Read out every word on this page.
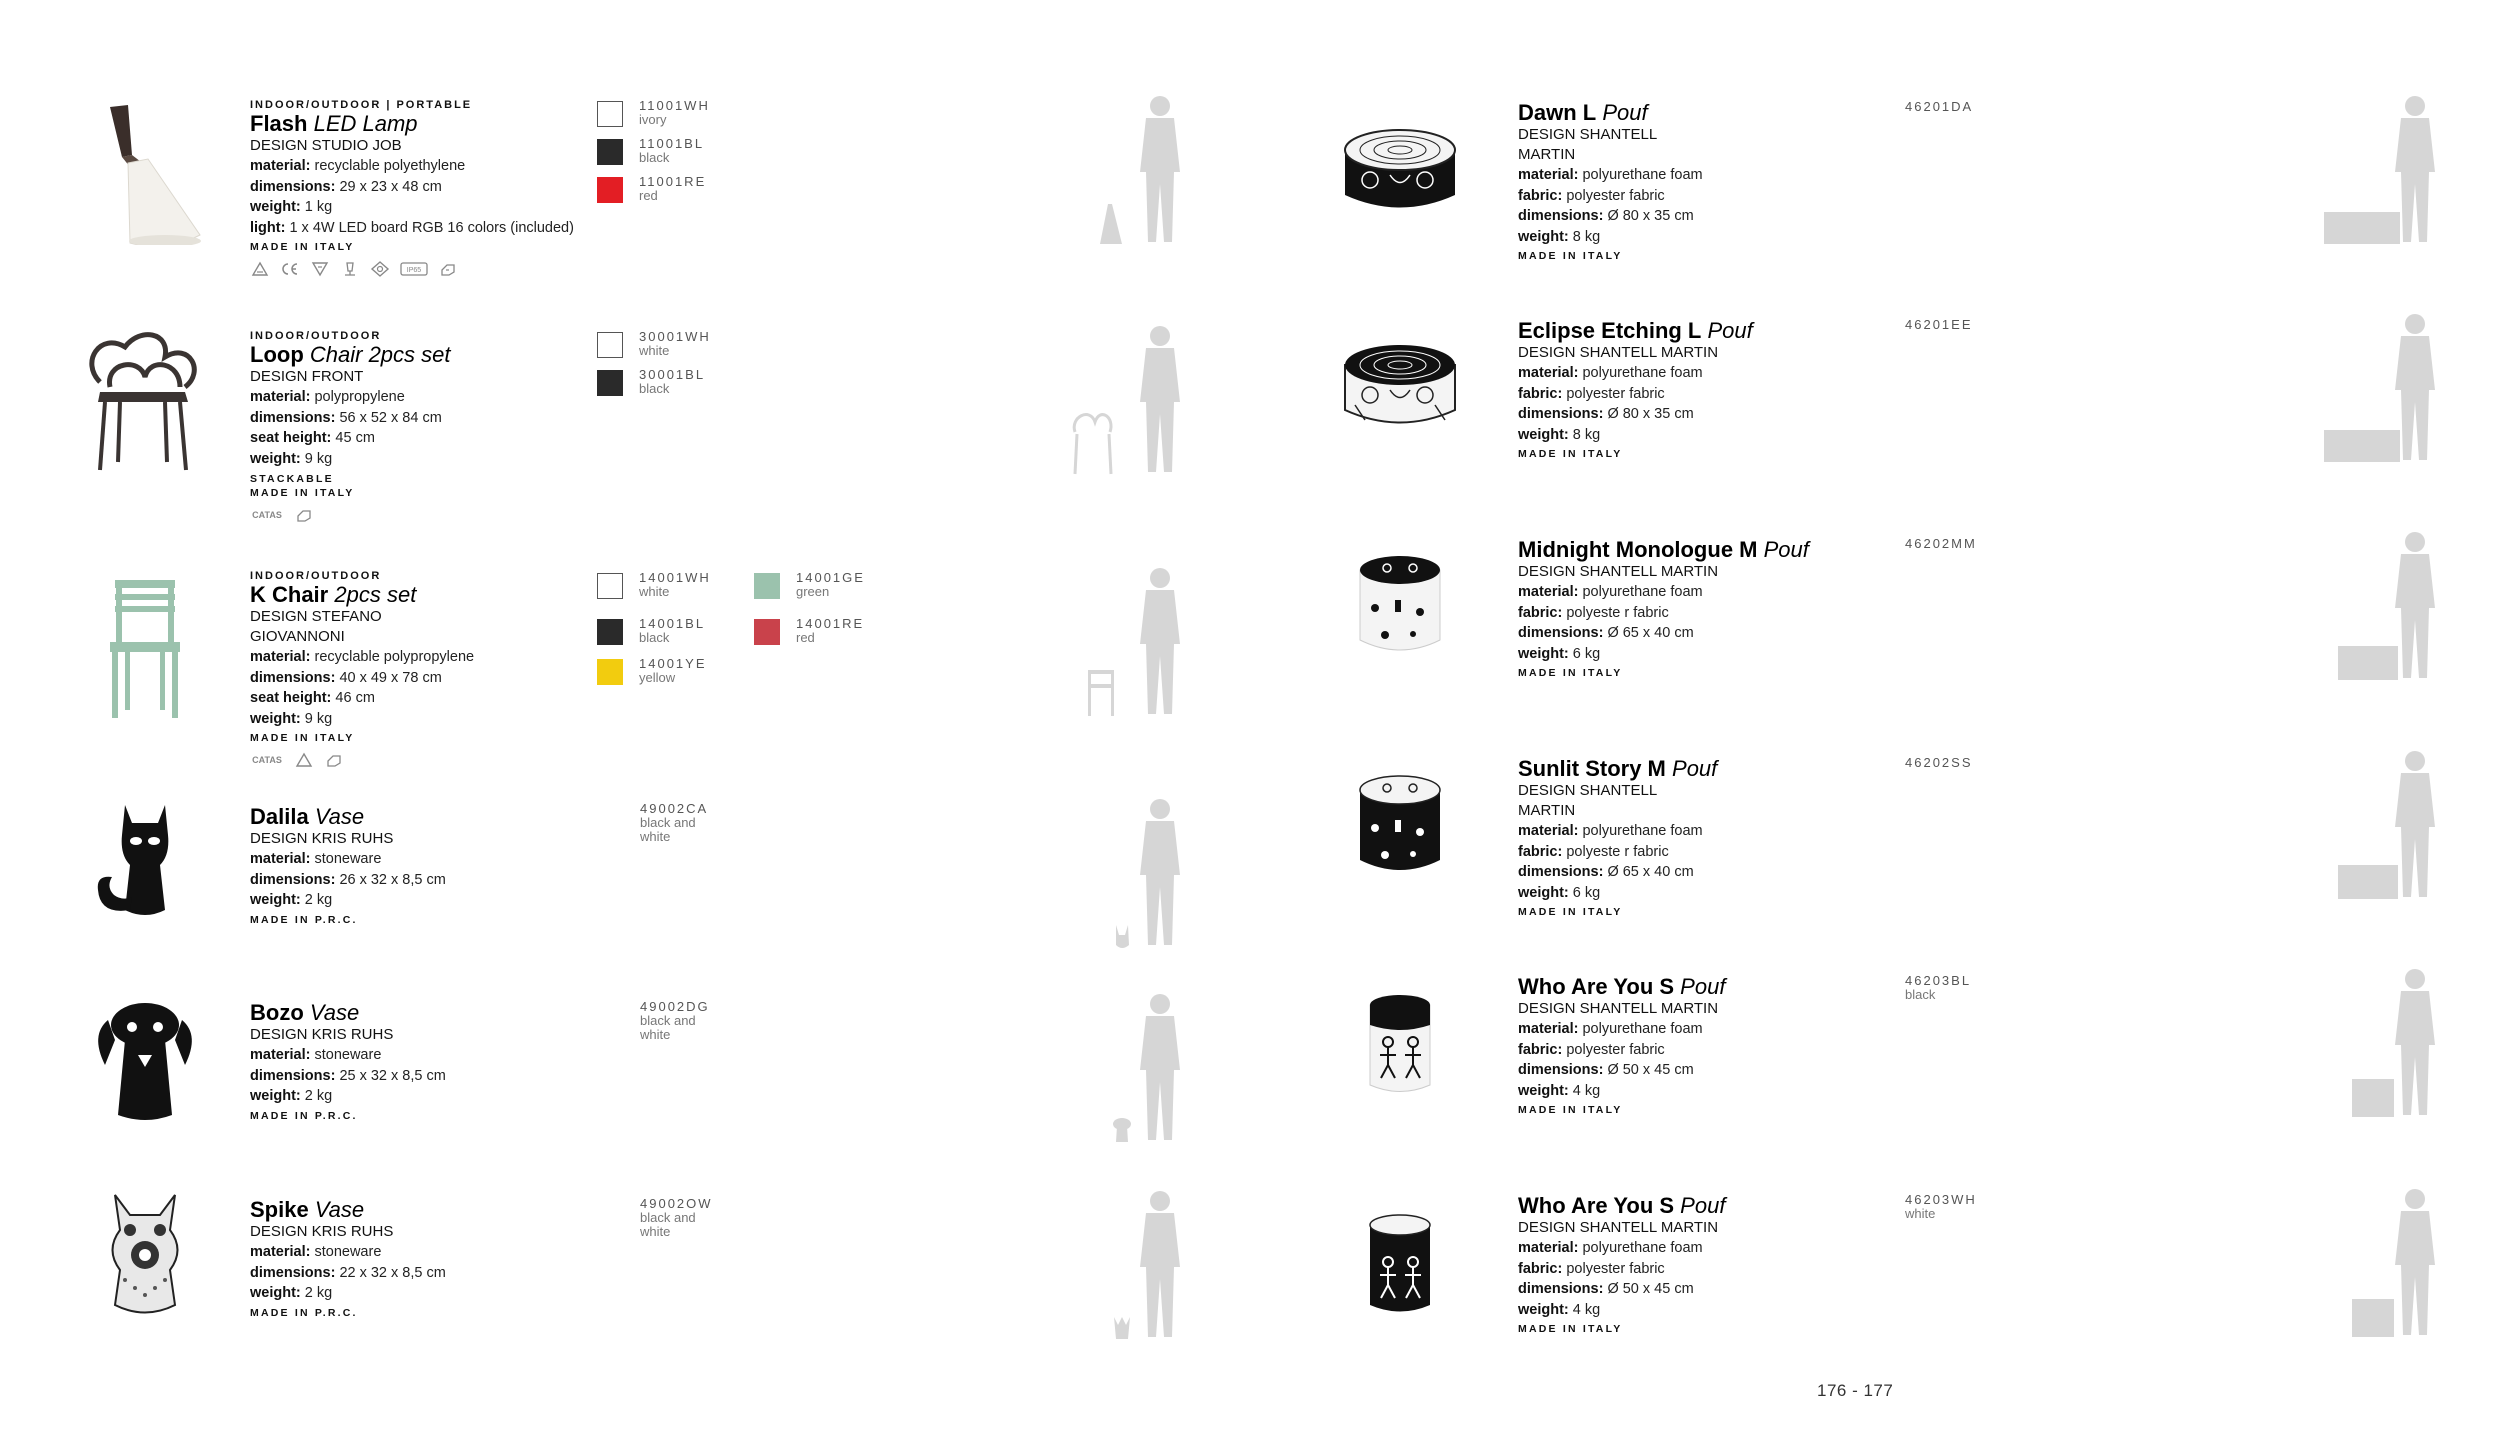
INDOOR/OUTDOOR | PORTABLE
Flash LED Lamp
DESIGN STUDIO JOB
material: recyclable polyethylene
dimensions: 29 x 23 x 48 cm
weight: 1 kg
light: 1 x 4W LED board RGB 16 colors (included)
MADE IN ITALY
IP65
11001WH
ivory
11001BL
black
11001RE
red
INDOOR/OUTDOOR
Loop Chair 2pcs set
DESIGN FRONT
material: polypropylene
dimensions: 56 x 52 x 84 cm
seat height: 45 cm
weight: 9 kg
STACKABLE
MADE IN ITALY
CATAS
30001WH
white
30001BL
black
INDOOR/OUTDOOR
K Chair 2pcs set
DESIGN STEFANO GIOVANNONI
material: recyclable polypropylene
dimensions: 40 x 49 x 78 cm
seat height: 46 cm
weight: 9 kg
MADE IN ITALY
CATAS
14001WH
white
14001BL
black
14001YE
yellow
14001GE
green
14001RE
red
Dalila Vase
DESIGN KRIS RUHS
material: stoneware
dimensions: 26 x 32 x 8,5 cm
weight: 2 kg
MADE IN P.R.C.
49002CA
black and white
Bozo Vase
DESIGN KRIS RUHS
material: stoneware
dimensions: 25 x 32 x 8,5 cm
weight: 2 kg
MADE IN P.R.C.
49002DG
black and white
Spike Vase
DESIGN KRIS RUHS
material: stoneware
dimensions: 22 x 32 x 8,5 cm
weight: 2 kg
MADE IN P.R.C.
49002OW
black and white
Dawn L Pouf
DESIGN SHANTELL MARTIN
material: polyurethane foam
fabric: polyester fabric
dimensions: Ø 80 x 35 cm
weight: 8 kg
MADE IN ITALY
46201DA
Eclipse Etching L Pouf
DESIGN SHANTELL MARTIN
material: polyurethane foam
fabric: polyester fabric
dimensions: Ø 80 x 35 cm
weight: 8 kg
MADE IN ITALY
46201EE
Midnight Monologue M Pouf
DESIGN SHANTELL MARTIN
material: polyurethane foam
fabric: polyeste r fabric
dimensions: Ø 65 x 40 cm
weight: 6 kg
MADE IN ITALY
46202MM
Sunlit Story M Pouf
DESIGN SHANTELL MARTIN
material: polyurethane foam
fabric: polyeste r fabric
dimensions: Ø 65 x 40 cm
weight: 6 kg
MADE IN ITALY
46202SS
Who Are You S Pouf
DESIGN SHANTELL MARTIN
material: polyurethane foam
fabric: polyester fabric
dimensions: Ø 50 x 45 cm
weight: 4 kg
MADE IN ITALY
46203BL
black
Who Are You S Pouf
DESIGN SHANTELL MARTIN
material: polyurethane foam
fabric: polyester fabric
dimensions: Ø 50 x 45 cm
weight: 4 kg
MADE IN ITALY
46203WH
white
176 - 177
